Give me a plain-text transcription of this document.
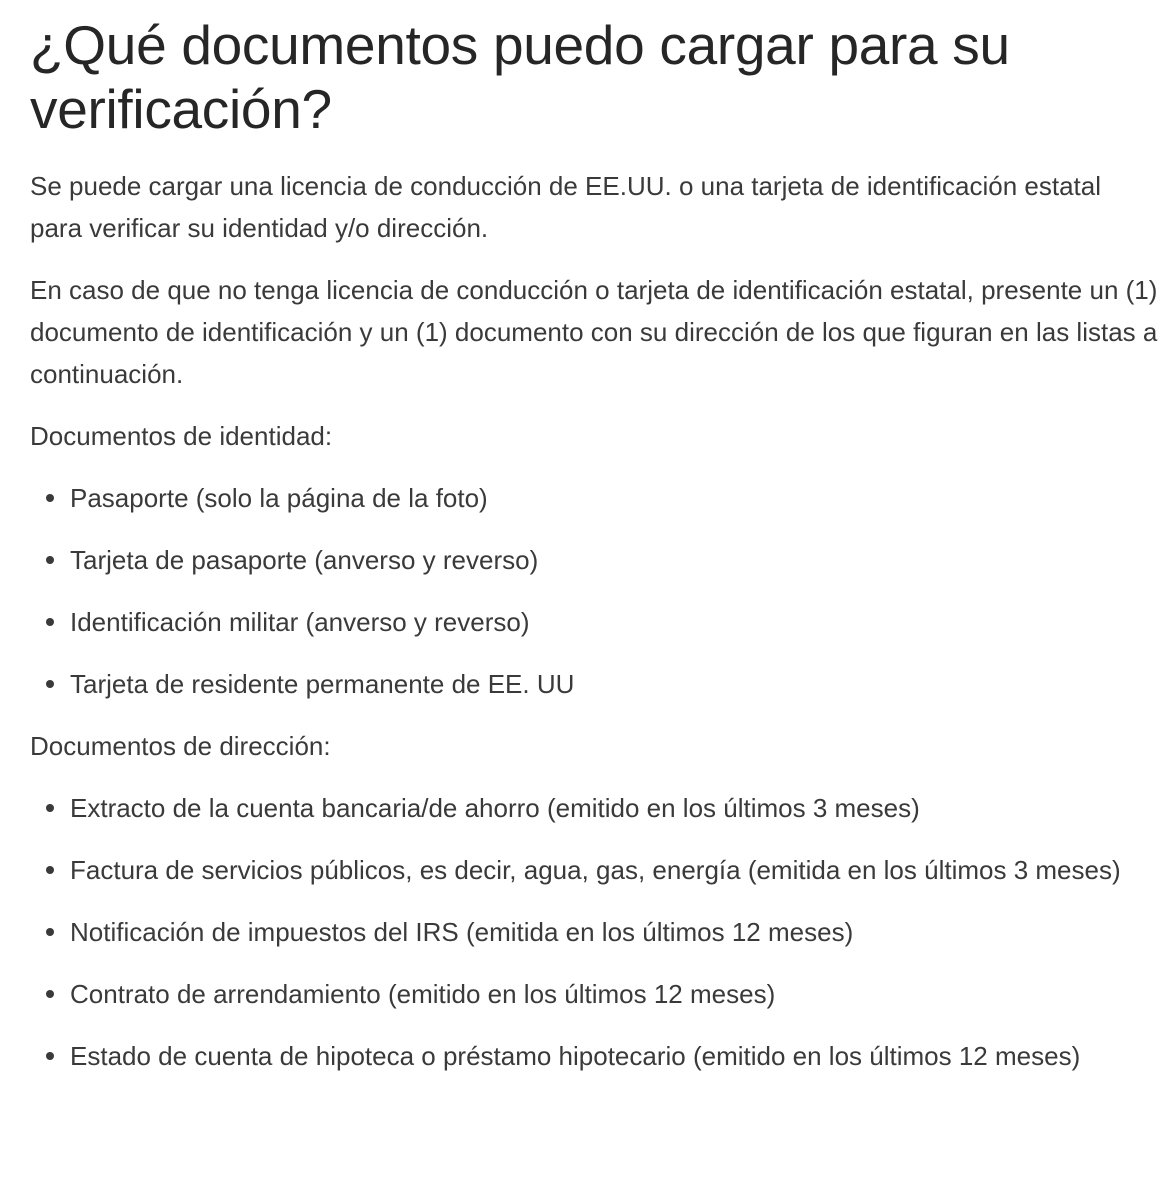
¿Qué documentos puedo cargar para su verificación?

Se puede cargar una licencia de conducción de EE.UU. o una tarjeta de identificación estatal para verificar su identidad y/o dirección.

En caso de que no tenga licencia de conducción o tarjeta de identificación estatal, presente un (1) documento de identificación y un (1) documento con su dirección de los que figuran en las listas a continuación.

Documentos de identidad:

Pasaporte (solo la página de la foto)
Tarjeta de pasaporte (anverso y reverso)
Identificación militar (anverso y reverso)
Tarjeta de residente permanente de EE. UU

Documentos de dirección:

Extracto de la cuenta bancaria/de ahorro (emitido en los últimos 3 meses)
Factura de servicios públicos, es decir, agua, gas, energía (emitida en los últimos 3 meses)
Notificación de impuestos del IRS (emitida en los últimos 12 meses)
Contrato de arrendamiento (emitido en los últimos 12 meses)
Estado de cuenta de hipoteca o préstamo hipotecario (emitido en los últimos 12 meses)
